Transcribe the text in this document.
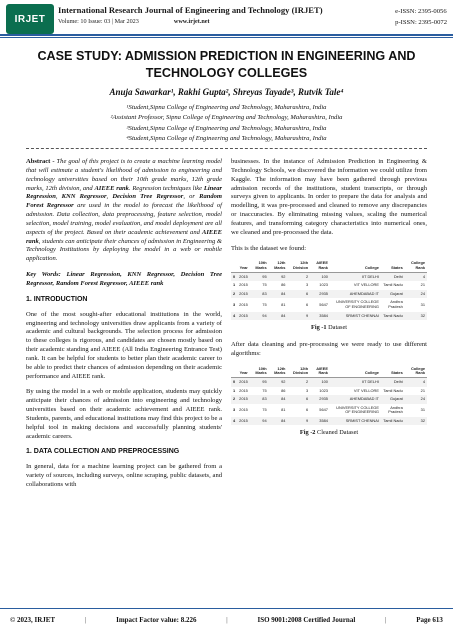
IRJET
International Research Journal of Engineering and Technology (IRJET)
Volume: 10 Issue: 03 | Mar 2023	www.irjet.net
e-ISSN: 2395-0056
p-ISSN: 2395-0072
CASE STUDY: ADMISSION PREDICTION IN ENGINEERING AND TECHNOLOGY COLLEGES
Anuja Sawarkar¹, Rakhi Gupta², Shreyas Tayade³, Rutvik Tale⁴
¹Student,Sipna College of Engineering and Technology, Maharashtra, India
²Assistant Professor, Sipna College of Engineering and Technology, Maharashtra, India
³Student,Sipna College of Engineering and Technology, Maharashtra, India
⁴Student,Sipna College of Engineering and Technology, Maharashtra, India

Abstract - The goal of this project is to create a machine learning model that will estimate a student's likelihood of admission to engineering and technology universities based on their 10th grade marks, 12th grade marks, 12th division, and AIEEE rank. Regression techniques like Linear Regression, KNN Regressor, Decision Tree Regressor, or Random Forest Regressor are used in the model to forecast the likelihood of admission. Data collection, data preprocessing, feature selection, model selection, model training, model evaluation, and model deployment are all aspects of the project. Based on their academic achievement and AIEEE rank, students can anticipate their chances of admission in Engineering & Technology Institutions by deploying the model in a web or mobile application.

Key Words: Linear Regression, KNN Regressor, Decision Tree Regressor, Random Forest Regressor, AIEEE rank

1. INTRODUCTION

One of the most sought-after educational institutions in the world, engineering and technology universities draw applicants from a variety of academic and cultural backgrounds. The selection process for admission to these colleges is rigorous, and candidates are chosen mostly based on their academic standing and AIEEE (All India Engineering Entrance Test) rank. It can be helpful for students to better plan their academic career to be able to predict their chances of admission depending on their academic performance and AIEEE rank.

By using the model in a web or mobile application, students may quickly anticipate their chances of admission into engineering and technology universities based on their academic achievement and AIEEE rank. Students, parents, and educational institutions may find this project to be a helpful tool in making decisions and successfully planning students' academic careers.

1. DATA COLLECTION AND PREPROCESSING

In general, data for a machine learning project can be gathered from a variety of sources, including surveys, online scraping, public datasets, and collaborations with

businesses. In the instance of Admission Prediction in Engineering & Technology Schools, we discovered the information we could utilize from Kaggle. The information may have been gathered through previous admission records of the institutions, student transcripts, or through surveys given to applicants. In order to prepare the data for analysis and modelling, it was pre-processed and cleaned to remove any discrepancies or inaccuracies. By eliminating missing values, scaling the numerical features, and transforming category characteristics into numerical ones, we cleaned and pre-processed the data.

This is the dataset we found:

	Year	10th Marks	12th Marks	12th Division	AIEEE Rank	College	States	College Rank
0	2015	95	92	2	100	IIT DELHI	Delhi	4
1	2015	75	86	3	1023	VIT VELLORE	Tamil Nadu	21
2	2015	83	84	6	2935	AHEMDABAD IT	Gujarat	24
3	2015	75	81	6	5647	UNIVERSITY COLLEGE OF ENGINEERING	Andhra Pradesh	31
4	2015	94	84	9	3584	SRMIST CHENNAI	Tamil Nadu	32
Fig -1 Dataset

After data cleaning and pre-processing we were ready to use different algorithms:

	Year	10th Marks	12th Marks	12th Division	AIEEE Rank	College	States	College Rank
0	2015	95	92	2	100	IIT DELHI	Delhi	4
1	2015	75	86	3	1023	VIT VELLORE	Tamil Nadu	21
2	2015	83	84	6	2935	AHEMDABAD IT	Gujarat	24
3	2015	75	81	6	5647	UNIVERSITY COLLEGE OF ENGINEERING	Andhra Pradesh	31
4	2015	94	84	9	3584	SRMIST CHENNAI	Tamil Nadu	32
Fig -2 Cleaned Dataset
© 2023, IRJET	|	Impact Factor value: 8.226	|	ISO 9001:2008 Certified Journal	|	Page 613
